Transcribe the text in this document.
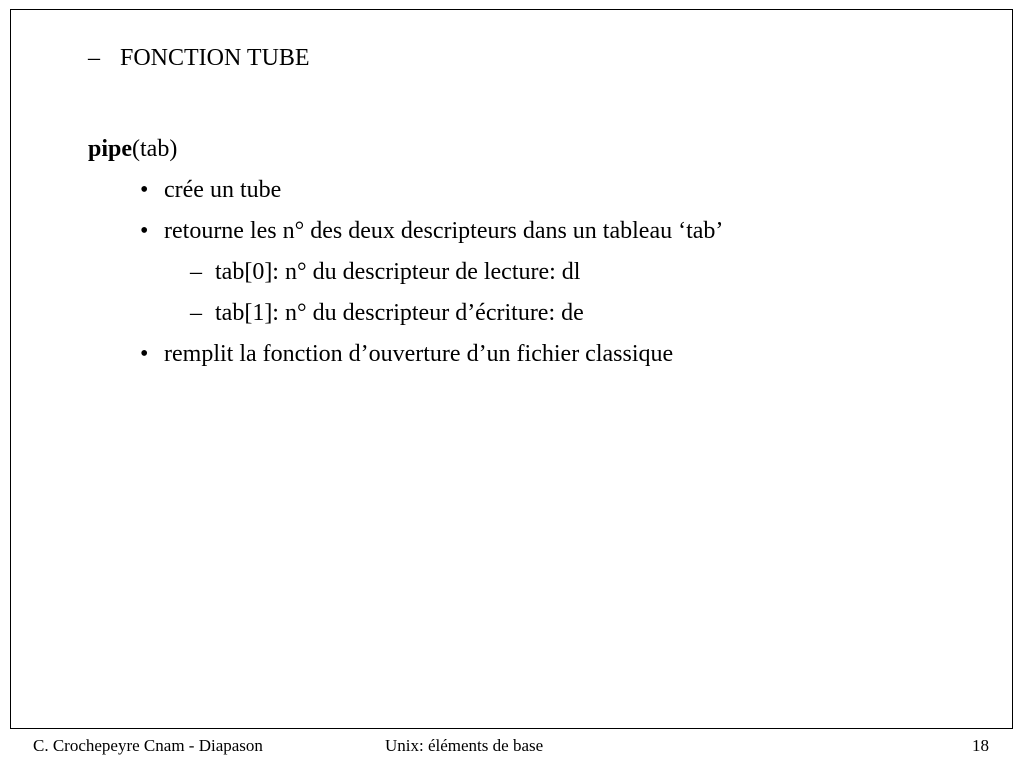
– FONCTION TUBE
pipe(tab)
• crée un tube
• retourne les n° des deux descripteurs dans un tableau ‘tab’
– tab[0]: n° du descripteur de lecture: dl
– tab[1]: n° du descripteur d’écriture: de
• remplit la fonction d’ouverture d’un fichier classique
C. Crochepeyre Cnam - Diapason	Unix: éléments de base	18
